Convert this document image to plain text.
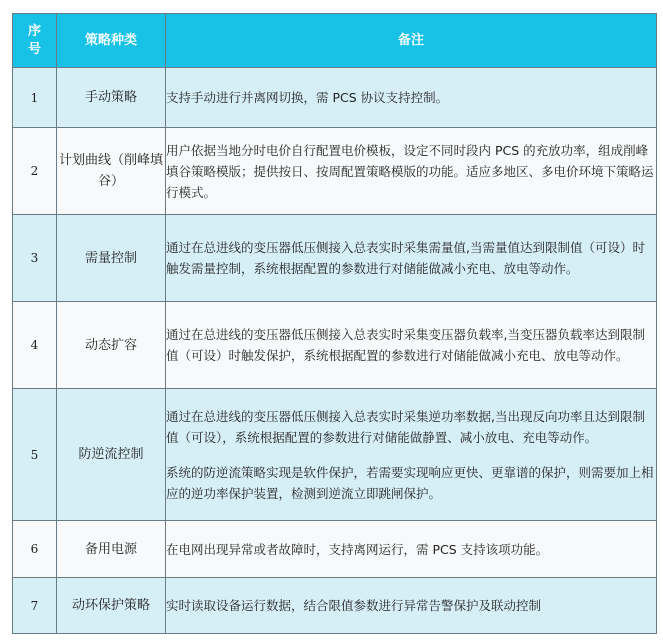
序号	策略种类	备注
1	手动策略	支持手动进行并离网切换，需 PCS 协议支持控制。

2	计划曲线（削峰填谷）	用户依据当地分时电价自行配置电价模板，设定不同时段内 PCS 的充放功率，组成削峰填谷策略模版；提供按日、按周配置策略模版的功能。适应多地区、多电价环境下策略运行模式。

3	需量控制	通过在总进线的变压器低压侧接入总表实时采集需量值,当需量值达到限制值（可设）时触发需量控制，系统根据配置的参数进行对储能做减小充电、放电等动作。

4	动态扩容	通过在总进线的变压器低压侧接入总表实时采集变压器负载率,当变压器负载率达到限制值（可设）时触发保护，系统根据配置的参数进行对储能做减小充电、放电等动作。

5	防逆流控制	通过在总进线的变压器低压侧接入总表实时采集逆功率数据,当出现反向功率且达到限制值（可设），系统根据配置的参数进行对储能做静置、减小放电、充电等动作。
系统的防逆流策略实现是软件保护，若需要实现响应更快、更靠谱的保护，则需要加上相应的逆功率保护装置，检测到逆流立即跳闸保护。

6	备用电源	在电网出现异常或者故障时，支持离网运行，需 PCS 支持该项功能。

7	动环保护策略	实时读取设备运行数据，结合限值参数进行异常告警保护及联动控制
